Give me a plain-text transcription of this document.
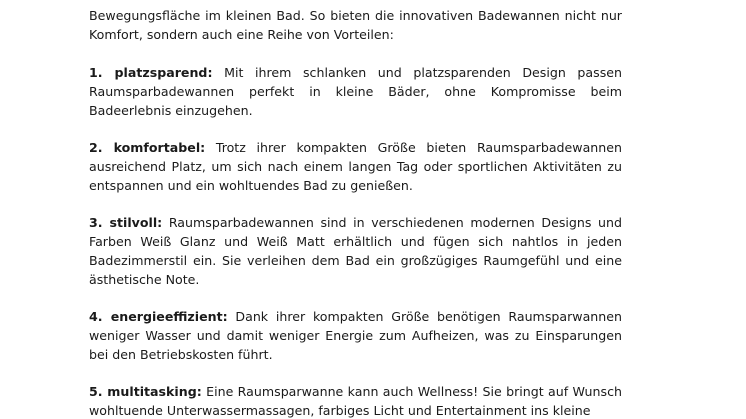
Bewegungsfläche im kleinen Bad. So bieten die innovativen Badewannen nicht nur Komfort, sondern auch eine Reihe von Vorteilen:

1. platzsparend: Mit ihrem schlanken und platzsparenden Design passen Raumsparbadewannen perfekt in kleine Bäder, ohne Kompromisse beim Badeerlebnis einzugehen.

2. komfortabel: Trotz ihrer kompakten Größe bieten Raumsparbadewannen ausreichend Platz, um sich nach einem langen Tag oder sportlichen Aktivitäten zu entspannen und ein wohltuendes Bad zu genießen.

3. stilvoll: Raumsparbadewannen sind in verschiedenen modernen Designs und Farben Weiß Glanz und Weiß Matt erhältlich und fügen sich nahtlos in jeden Badezimmerstil ein. Sie verleihen dem Bad ein großzügiges Raumgefühl und eine ästhetische Note.

4. energieeffizient: Dank ihrer kompakten Größe benötigen Raumsparwannen weniger Wasser und damit weniger Energie zum Aufheizen, was zu Einsparungen bei den Betriebskosten führt.

5. multitasking: Eine Raumsparwanne kann auch Wellness! Sie bringt auf Wunsch wohltuende Unterwassermassagen, farbiges Licht und Entertainment ins kleine
